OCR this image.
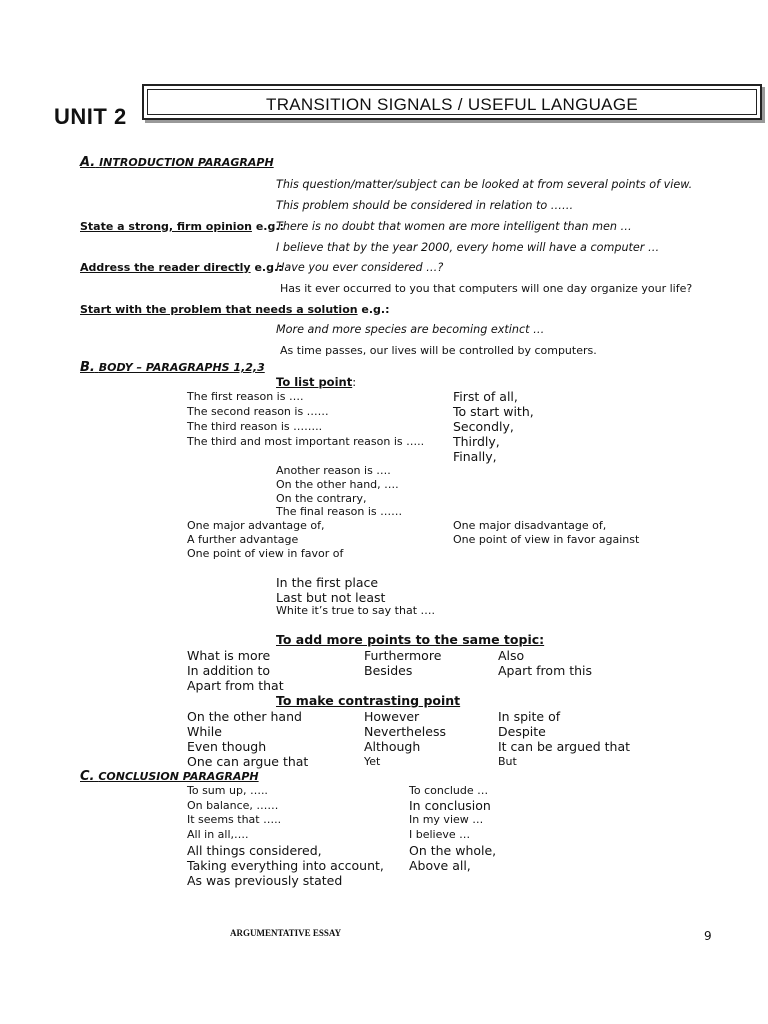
UNIT 2	TRANSITION SIGNALS / USEFUL LANGUAGE
A. INTRODUCTION PARAGRAPH
This question/matter/subject can be looked at from several points of view.
This problem should be considered in relation to ……
State a strong, firm opinion e.g.:
There is no doubt that women are more intelligent than men …
I believe that by the year 2000, every home will have a computer …
Address the reader directly e.g.:
Have you ever considered …?
Has it ever occurred to you that computers will one day organize your life?
Start with the problem that needs a solution e.g.:
More and more species are becoming extinct …
As time passes, our lives will be controlled by computers.
B. BODY – PARAGRAPHS 1,2,3
To list point:
The first reason is ….
The second reason is ……
The third reason is ……..
The third and most important reason is …..
First of all,
To start with,
Secondly,
Thirdly,
Finally,
Another reason is ….
On the other hand, ….
On the contrary,
The final reason is ……
One major advantage of,
A further advantage
One point of view in favor of
One major disadvantage of,
One point of view in favor against
In the first place
Last but not least
White it’s true to say that ….
To add more points to the same topic:
What is more
In addition to
Apart from that
Furthermore
Besides
Also
Apart from this
To make contrasting point
On the other hand
While
Even though
One can argue that
However
Nevertheless
Although
Yet
In spite of
Despite
It can be argued that
But
C. CONCLUSION PARAGRAPH
To sum up, …..
On balance, ……
It seems that …..
All in all,….
All things considered,
Taking everything into account,
As was previously stated
To conclude …
In conclusion
In my view …
I believe …
On the whole,
Above all,
ARGUMENTATIVE ESSAY	9
